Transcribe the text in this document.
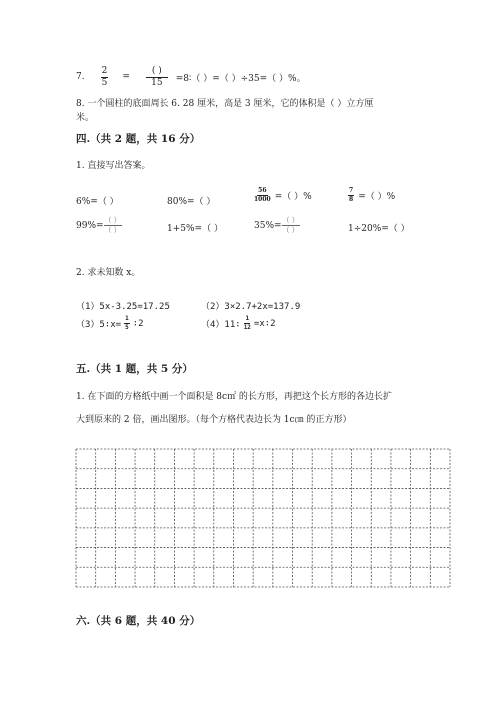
7. $\frac{2}{5} = \frac{( )}{15}$ =8∶（ ）=（ ）÷35=（ ）%。
8. 一个圆柱的底面周长 6. 28 厘米，高是 3 厘米，它的体积是（ ）立方厘
米。
四.（共 2 题，共 16 分）
1. 直接写出答案。
6%=（ ）	80%=（ ）	$\frac{56}{1000}$ =（ ）%	$\frac{7}{8}$ =（ ）%
$99\%= \frac{( )}{( )}$	1+5%=（ ）	$35\%= \frac{( )}{( )}$	1÷20%=（ ）
2. 求未知数 x。
（1）5x-3.25=17.25	（2）3×2.7+2x=137.9
（3）5∶x= $\frac{1}{5}$ ∶2	（4）11∶ $\frac{1}{12}$ =x∶2
五.（共 1 题，共 5 分）
1. 在下面的方格纸中画一个面积是 8c㎡ 的长方形，再把这个长方形的各边长扩
大到原来的 2 倍，画出图形。（每个方格代表边长为 1c㎝ 的正方形）
六.（共 6 题，共 40 分）
